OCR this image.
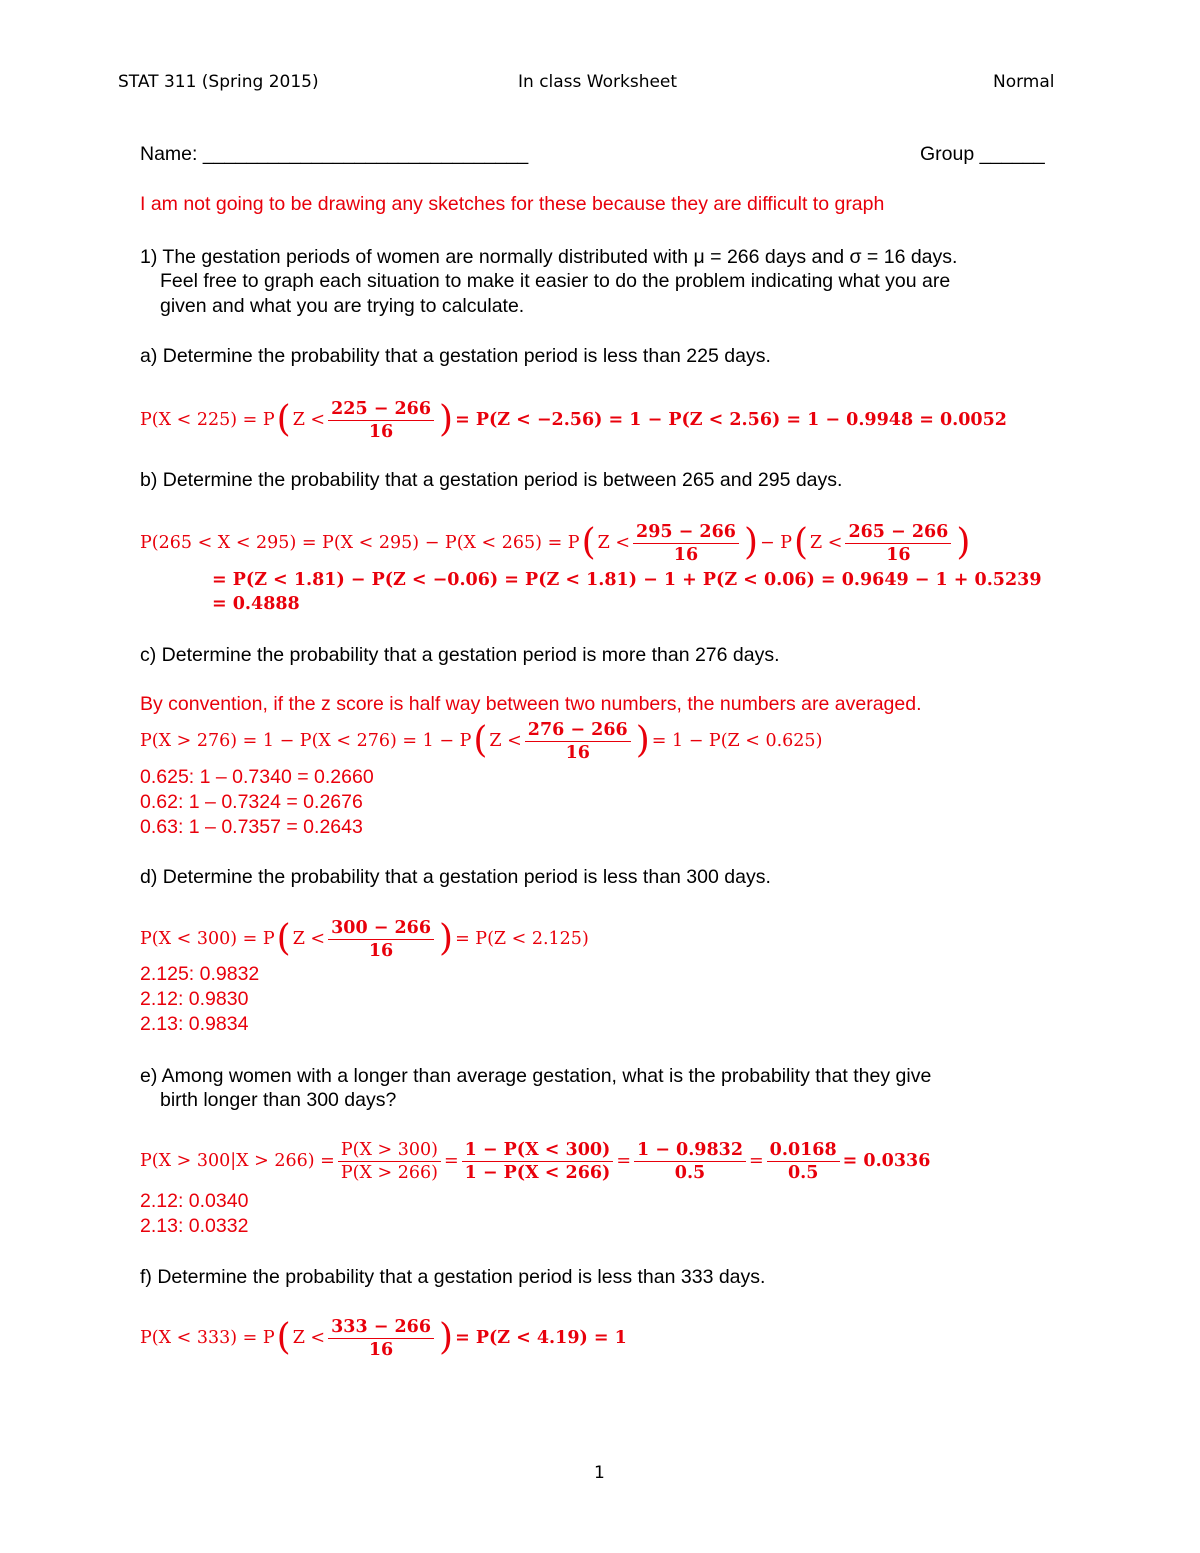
STAT 311 (Spring 2015)	In class Worksheet	Normal
Name: ______________________________	Group ______
I am not going to be drawing any sketches for these because they are difficult to graph
1) The gestation periods of women are normally distributed with μ = 266 days and σ = 16 days.
Feel free to graph each situation to make it easier to do the problem indicating what you are
given and what you are trying to calculate.
a) Determine the probability that a gestation period is less than 225 days.
P(X < 225) = P ( $Z < \frac{225 - 266}{16}$ ) = P(Z < −2.56) = 1 − P(Z < 2.56) = 1 − 0.9948 = 0.0052
b) Determine the probability that a gestation period is between 265 and 295 days.
P(265 < X < 295) = P(X < 295) − P(X < 265) = P ( $Z < \frac{295 - 266}{16}$ ) − P ( $Z < \frac{265 - 266}{16}$ )
= P(Z < 1.81) − P(Z < −0.06) = P(Z < 1.81) − 1 + P(Z < 0.06) = 0.9649 − 1 + 0.5239
= 0.4888
c) Determine the probability that a gestation period is more than 276 days.
By convention, if the z score is half way between two numbers, the numbers are averaged.
P(X > 276) = 1 − P(X < 276) = 1 − P ( $Z < \frac{276 - 266}{16}$ ) = 1 − P(Z < 0.625)
0.625: 1 – 0.7340 = 0.2660
0.62: 1 – 0.7324 = 0.2676
0.63: 1 – 0.7357 = 0.2643
d) Determine the probability that a gestation period is less than 300 days.
P(X < 300) = P ( $Z < \frac{300 - 266}{16}$ ) = P(Z < 2.125)
2.125: 0.9832
2.12: 0.9830
2.13: 0.9834
e) Among women with a longer than average gestation, what is the probability that they give
birth longer than 300 days?
$P(X > 300|X > 266) = \frac{P(X > 300)}{P(X > 266)} = \frac{1 - P(X < 300)}{1 - P(X < 266)} = \frac{1 - 0.9832}{0.5} = \frac{0.0168}{0.5} = 0.0336$
2.12: 0.0340
2.13: 0.0332
f) Determine the probability that a gestation period is less than 333 days.
P(X < 333) = P ( $Z < \frac{333 - 266}{16}$ ) = P(Z < 4.19) = 1
1
